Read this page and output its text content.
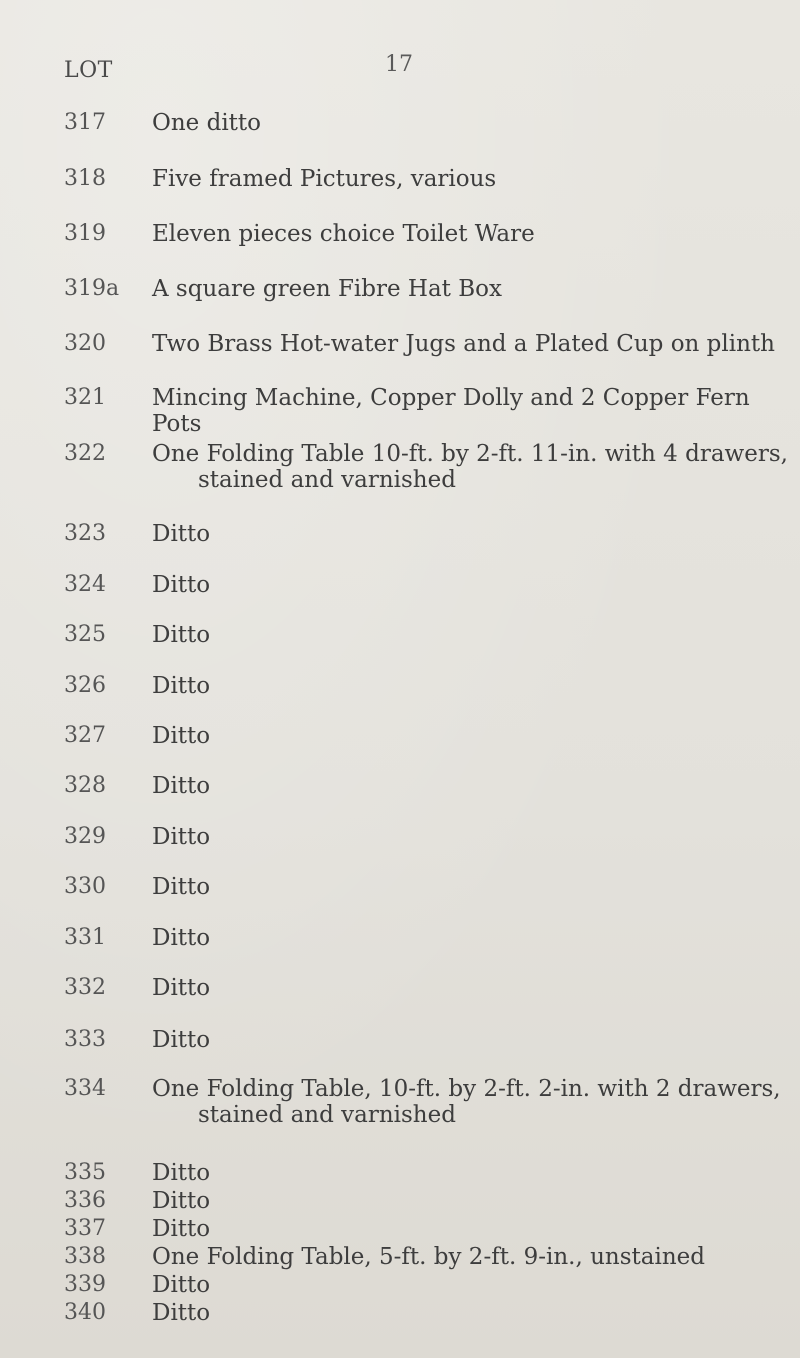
17
LOT
317	One ditto
318	Five framed Pictures, various
319	Eleven pieces choice Toilet Ware
319a	A square green Fibre Hat Box
320	Two Brass Hot-water Jugs and a Plated Cup on plinth
321	Mincing Machine, Copper Dolly and 2 Copper Fern Pots
322	One Folding Table 10-ft. by 2-ft. 11-in. with 4 drawers,
stained and varnished
323	Ditto
324	Ditto
325	Ditto
326	Ditto
327	Ditto
328	Ditto
329	Ditto
330	Ditto
331	Ditto
332	Ditto
333	Ditto
334	One Folding Table, 10-ft. by 2-ft. 2-in. with 2 drawers,
stained and varnished
335	Ditto
336	Ditto
337	Ditto
338	One Folding Table, 5-ft. by 2-ft. 9-in., unstained
339	Ditto
340	Ditto
